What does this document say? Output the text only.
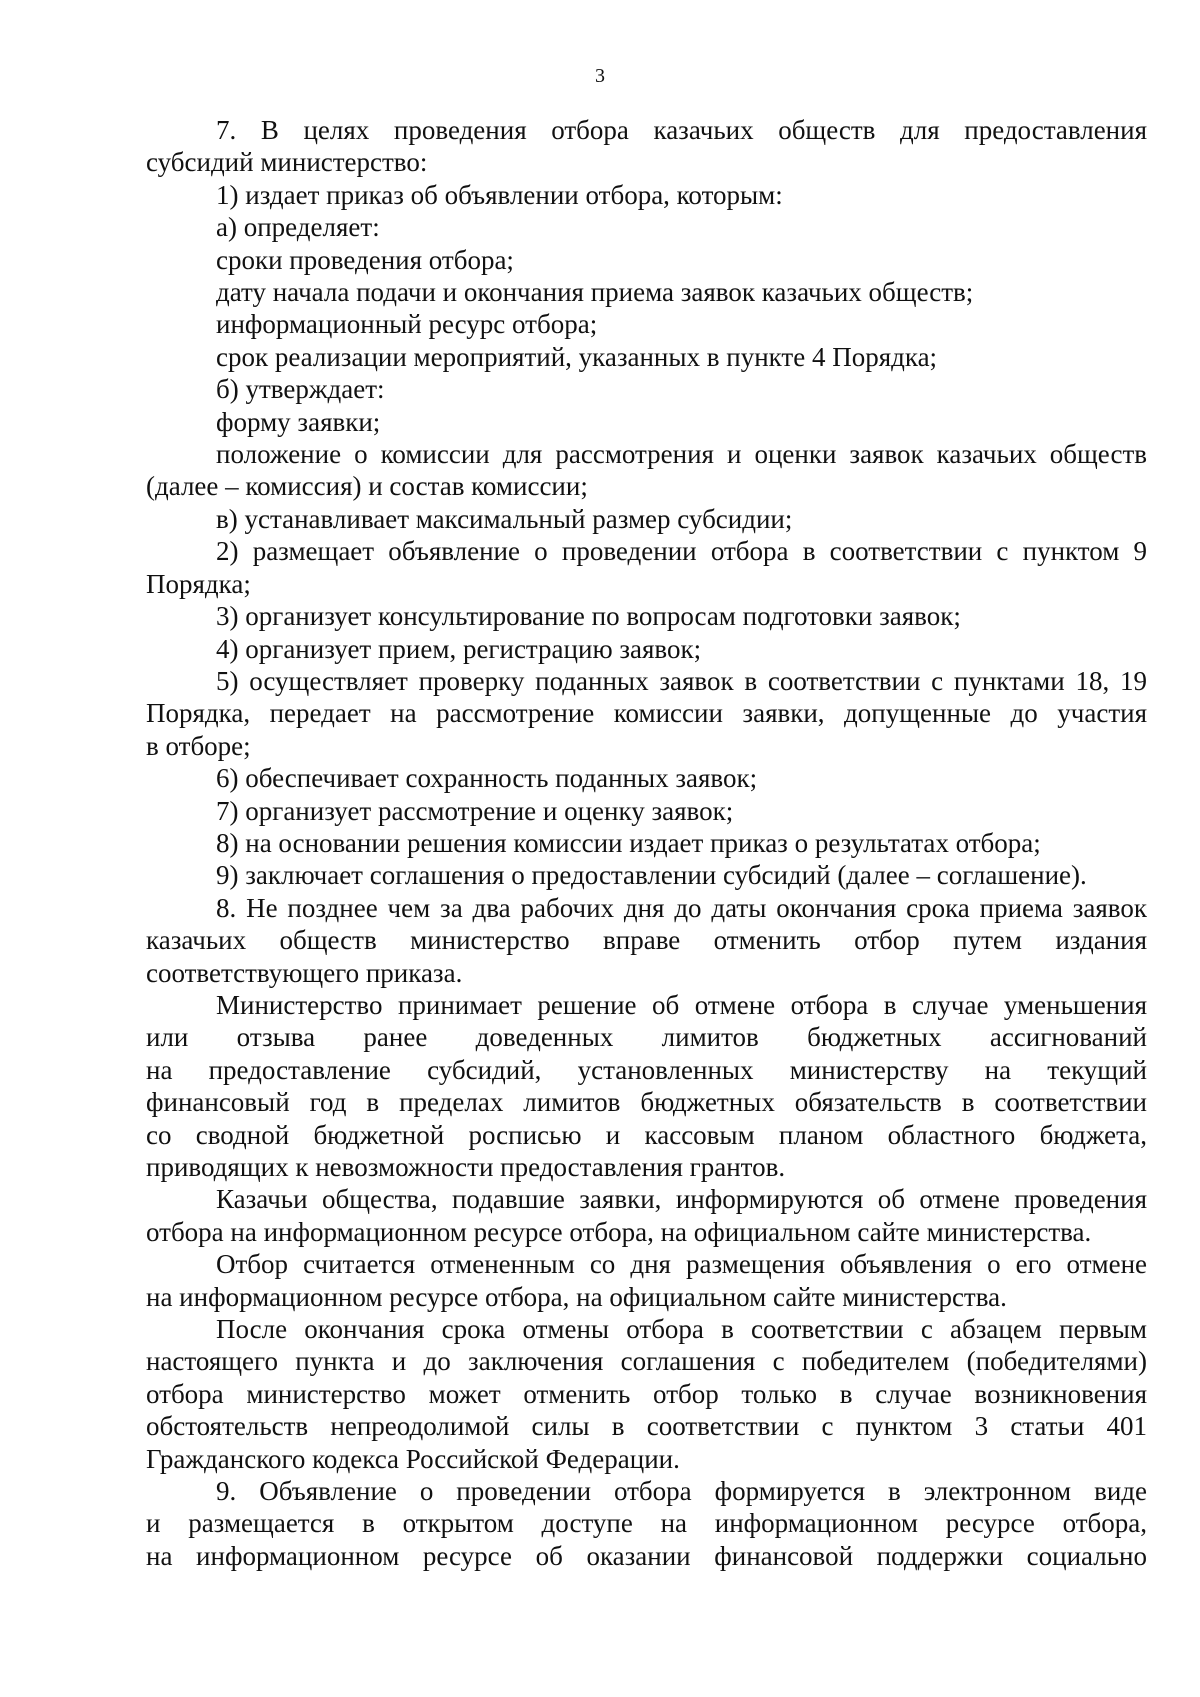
3
7. В целях проведения отбора казачьих обществ для предоставления
субсидий министерство:
1) издает приказ об объявлении отбора, которым:
а) определяет:
сроки проведения отбора;
дату начала подачи и окончания приема заявок казачьих обществ;
информационный ресурс отбора;
срок реализации мероприятий, указанных в пункте 4 Порядка;
б) утверждает:
форму заявки;
положение о комиссии для рассмотрения и оценки заявок казачьих обществ
(далее – комиссия) и состав комиссии;
в) устанавливает максимальный размер субсидии;
2) размещает объявление о проведении отбора в соответствии с пунктом 9
Порядка;
3) организует консультирование по вопросам подготовки заявок;
4) организует прием, регистрацию заявок;
5) осуществляет проверку поданных заявок в соответствии с пунктами 18, 19
Порядка, передает на рассмотрение комиссии заявки, допущенные до участия
в отборе;
6) обеспечивает сохранность поданных заявок;
7) организует рассмотрение и оценку заявок;
8) на основании решения комиссии издает приказ о результатах отбора;
9) заключает соглашения о предоставлении субсидий (далее – соглашение).
8. Не позднее чем за два рабочих дня до даты окончания срока приема заявок
казачьих обществ министерство вправе отменить отбор путем издания
соответствующего приказа.
Министерство принимает решение об отмене отбора в случае уменьшения
или отзыва ранее доведенных лимитов бюджетных ассигнований
на предоставление субсидий, установленных министерству на текущий
финансовый год в пределах лимитов бюджетных обязательств в соответствии
со сводной бюджетной росписью и кассовым планом областного бюджета,
приводящих к невозможности предоставления грантов.
Казачьи общества, подавшие заявки, информируются об отмене проведения
отбора на информационном ресурсе отбора, на официальном сайте министерства.
Отбор считается отмененным со дня размещения объявления о его отмене
на информационном ресурсе отбора, на официальном сайте министерства.
После окончания срока отмены отбора в соответствии с абзацем первым
настоящего пункта и до заключения соглашения с победителем (победителями)
отбора министерство может отменить отбор только в случае возникновения
обстоятельств непреодолимой силы в соответствии с пунктом 3 статьи 401
Гражданского кодекса Российской Федерации.
9. Объявление о проведении отбора формируется в электронном виде
и размещается в открытом доступе на информационном ресурсе отбора,
на информационном ресурсе об оказании финансовой поддержки социально
